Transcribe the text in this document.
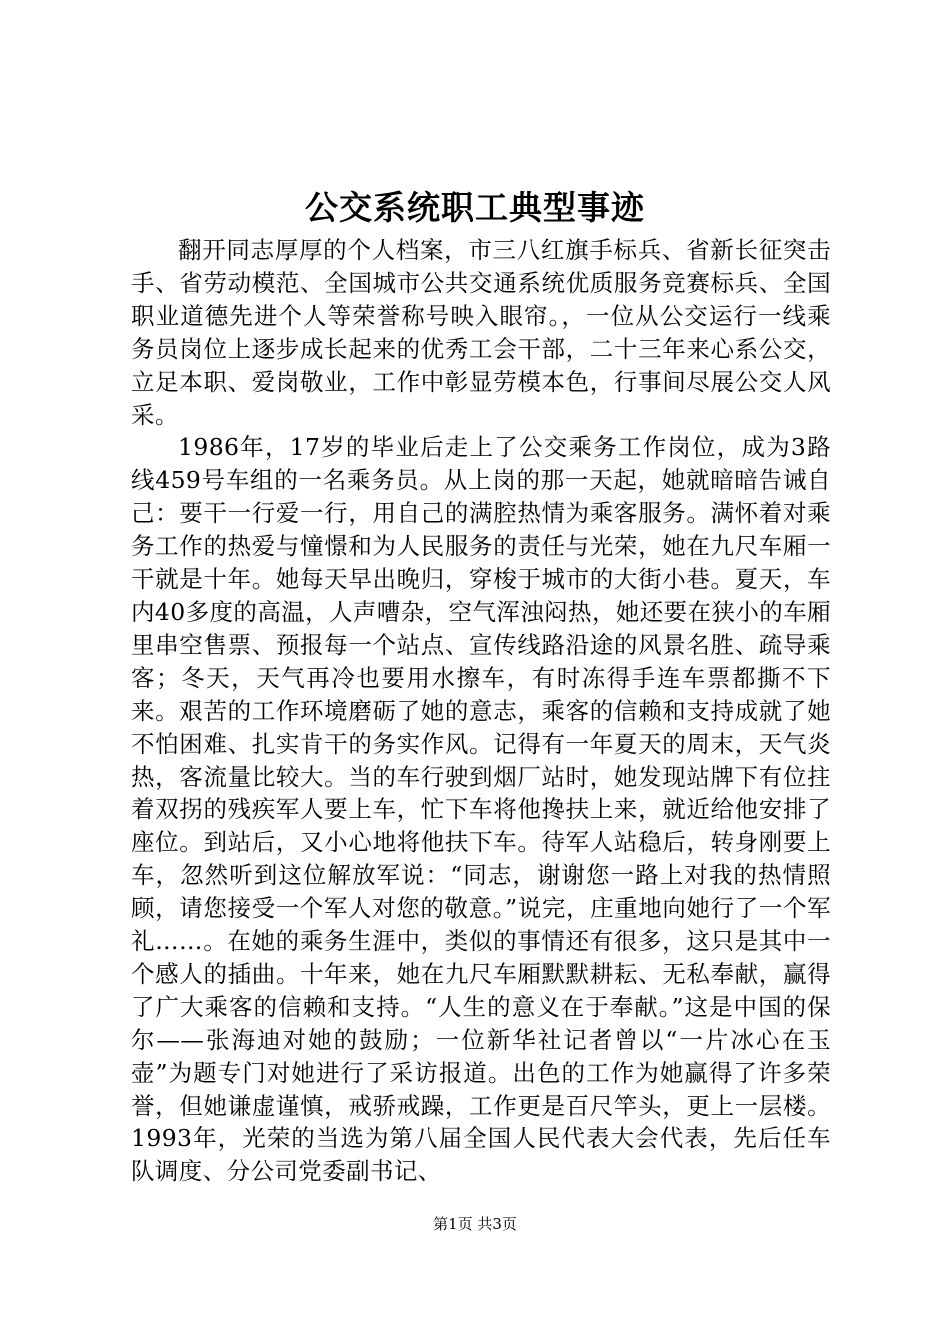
公交系统职工典型事迹

翻开同志厚厚的个人档案，市三八红旗手标兵、省新长征突击手、省劳动模范、全国城市公共交通系统优质服务竞赛标兵、全国职业道德先进个人等荣誉称号映入眼帘。，一位从公交运行一线乘务员岗位上逐步成长起来的优秀工会干部，二十三年来心系公交，立足本职、爱岗敬业，工作中彰显劳模本色，行事间尽展公交人风采。

1986年，17岁的毕业后走上了公交乘务工作岗位，成为3路线459号车组的一名乘务员。从上岗的那一天起，她就暗暗告诫自己：要干一行爱一行，用自己的满腔热情为乘客服务。满怀着对乘务工作的热爱与憧憬和为人民服务的责任与光荣，她在九尺车厢一干就是十年。她每天早出晚归，穿梭于城市的大街小巷。夏天，车内40多度的高温，人声嘈杂，空气浑浊闷热，她还要在狭小的车厢里串空售票、预报每一个站点、宣传线路沿途的风景名胜、疏导乘客；冬天，天气再冷也要用水擦车，有时冻得手连车票都撕不下来。艰苦的工作环境磨砺了她的意志，乘客的信赖和支持成就了她不怕困难、扎实肯干的务实作风。记得有一年夏天的周末，天气炎热，客流量比较大。当的车行驶到烟厂站时，她发现站牌下有位拄着双拐的残疾军人要上车，忙下车将他搀扶上来，就近给他安排了座位。到站后，又小心地将他扶下车。待军人站稳后，转身刚要上车，忽然听到这位解放军说：“同志，谢谢您一路上对我的热情照顾，请您接受一个军人对您的敬意。”说完，庄重地向她行了一个军礼……。在她的乘务生涯中，类似的事情还有很多，这只是其中一个感人的插曲。十年来，她在九尺车厢默默耕耘、无私奉献，赢得了广大乘客的信赖和支持。“人生的意义在于奉献。”这是中国的保尔——张海迪对她的鼓励；一位新华社记者曾以“一片冰心在玉壶”为题专门对她进行了采访报道。出色的工作为她赢得了许多荣誉，但她谦虚谨慎，戒骄戒躁，工作更是百尺竿头，更上一层楼。1993年，光荣的当选为第八届全国人民代表大会代表，先后任车队调度、分公司党委副书记、

第1页 共3页
